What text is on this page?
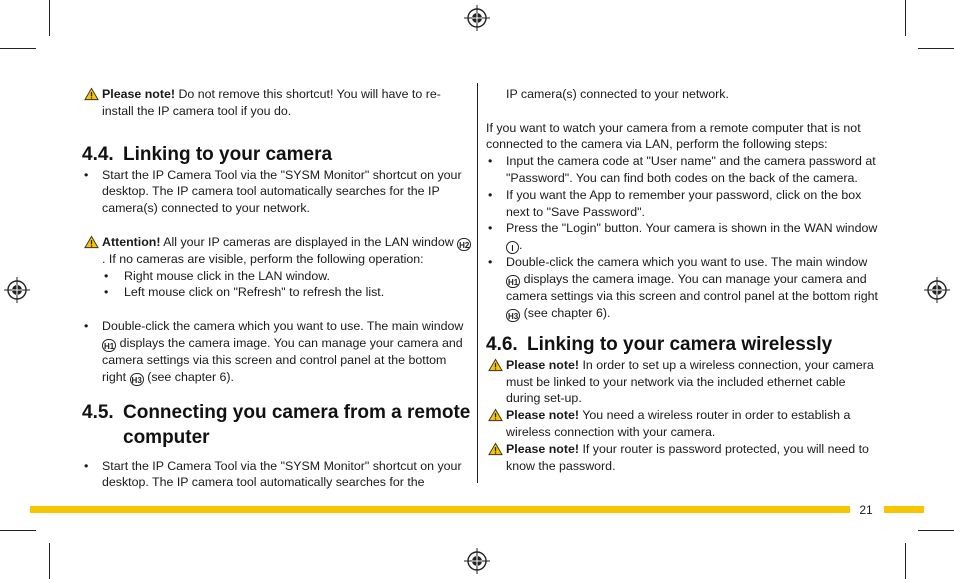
Please note! Do not remove this shortcut! You will have to re-install the IP camera tool if you do.

4.4. Linking to your camera
• Start the IP Camera Tool via the "SYSM Monitor" shortcut on your desktop. The IP camera tool automatically searches for the IP camera(s) connected to your network.

Attention! All your IP cameras are displayed in the LAN window H2. If no cameras are visible, perform the following operation:

• Right mouse click in the LAN window.
• Left mouse click on "Refresh" to refresh the list.
• Double-click the camera which you want to use. The main window H1 displays the camera image. You can manage your camera and camera settings via this screen and control panel at the bottom right H3 (see chapter 6).
4.5. Connecting you camera from a remote computer
• Start the IP Camera Tool via the "SYSM Monitor" shortcut on your desktop. The IP camera tool automatically searches for the

IP camera(s) connected to your network.

If you want to watch your camera from a remote computer that is not connected to the camera via LAN, perform the following steps:

• Input the camera code at "User name" and the camera password at "Password". You can find both codes on the back of the camera.
• If you want the App to remember your password, click on the box next to "Save Password".
• Press the "Login" button. Your camera is shown in the WAN window I .
• Double-click the camera which you want to use. The main window H1 displays the camera image. You can manage your camera and camera settings via this screen and control panel at the bottom right H3 (see chapter 6).
4.6. Linking to your camera wirelessly

Please note! In order to set up a wireless connection, your camera must be linked to your network via the included ethernet cable during set-up.

Please note! You need a wireless router in order to establish a wireless connection with your camera.

Please note! If your router is password protected, you will need to know the password.

21
